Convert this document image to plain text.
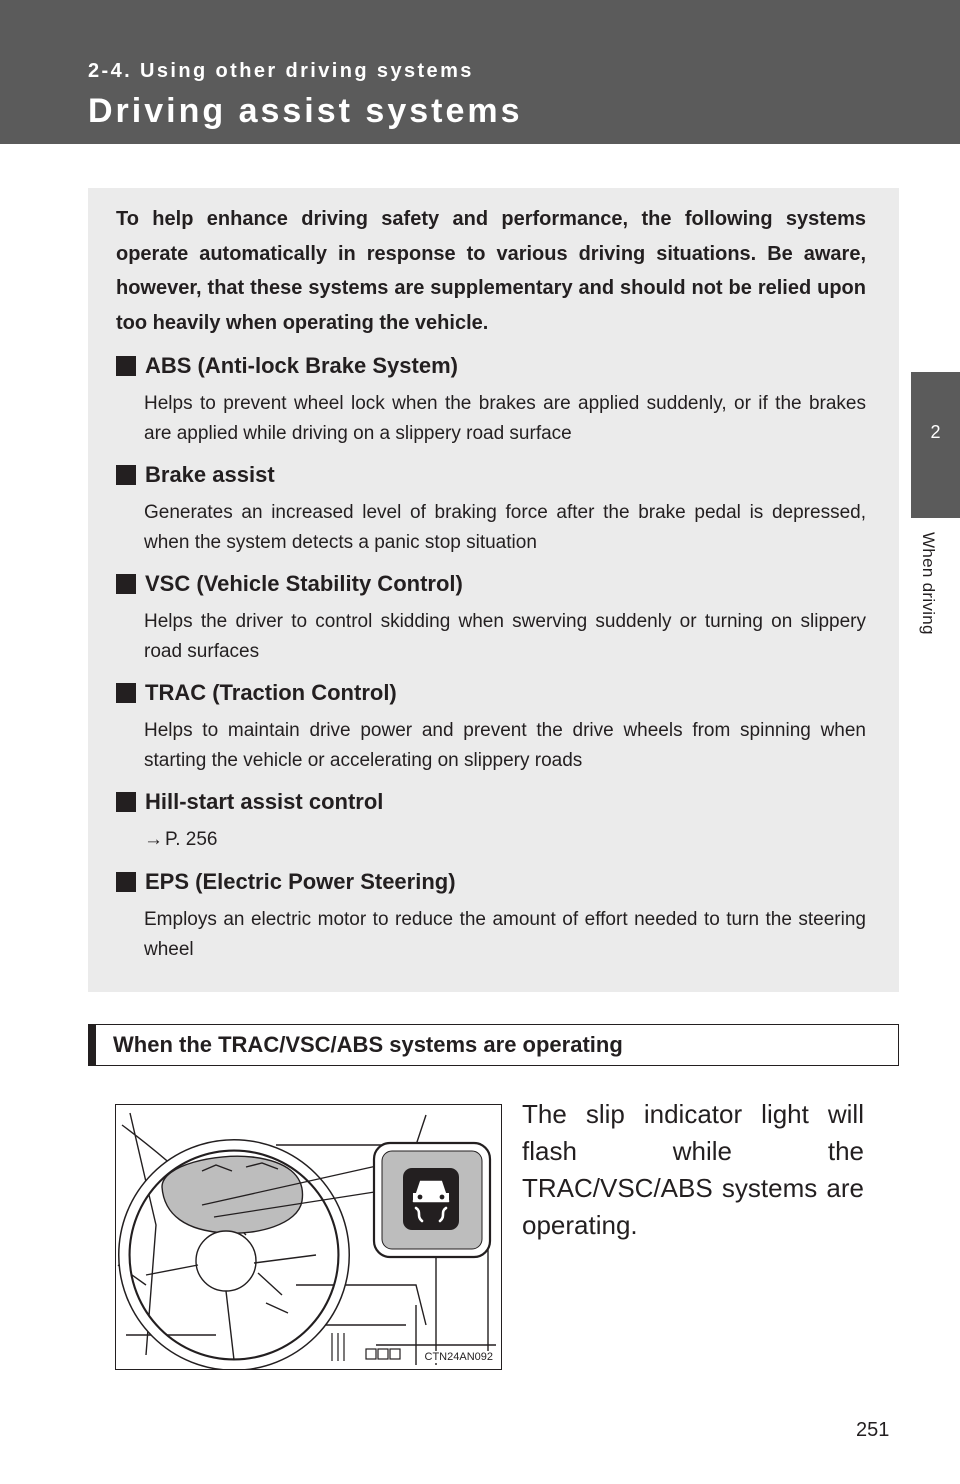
2-4. Using other driving systems
Driving assist systems
2
When driving
To help enhance driving safety and performance, the following systems operate automatically in response to various driving situations. Be aware, however, that these systems are supplementary and should not be relied upon too heavily when operating the vehicle.
ABS (Anti-lock Brake System)
Helps to prevent wheel lock when the brakes are applied suddenly, or if the brakes are applied while driving on a slippery road surface
Brake assist
Generates an increased level of braking force after the brake pedal is depressed, when the system detects a panic stop situation
VSC (Vehicle Stability Control)
Helps the driver to control skidding when swerving suddenly or turning on slippery road surfaces
TRAC (Traction Control)
Helps to maintain drive power and prevent the drive wheels from spinning when starting the vehicle or accelerating on slippery roads
Hill-start assist control
→ P. 256
EPS (Electric Power Steering)
Employs an electric motor to reduce the amount of effort needed to turn the steering wheel
When the TRAC/VSC/ABS systems are operating
CTN24AN092
The slip indicator light will flash while the TRAC/VSC/ABS systems are operating.
251
carmanualsonline.info
